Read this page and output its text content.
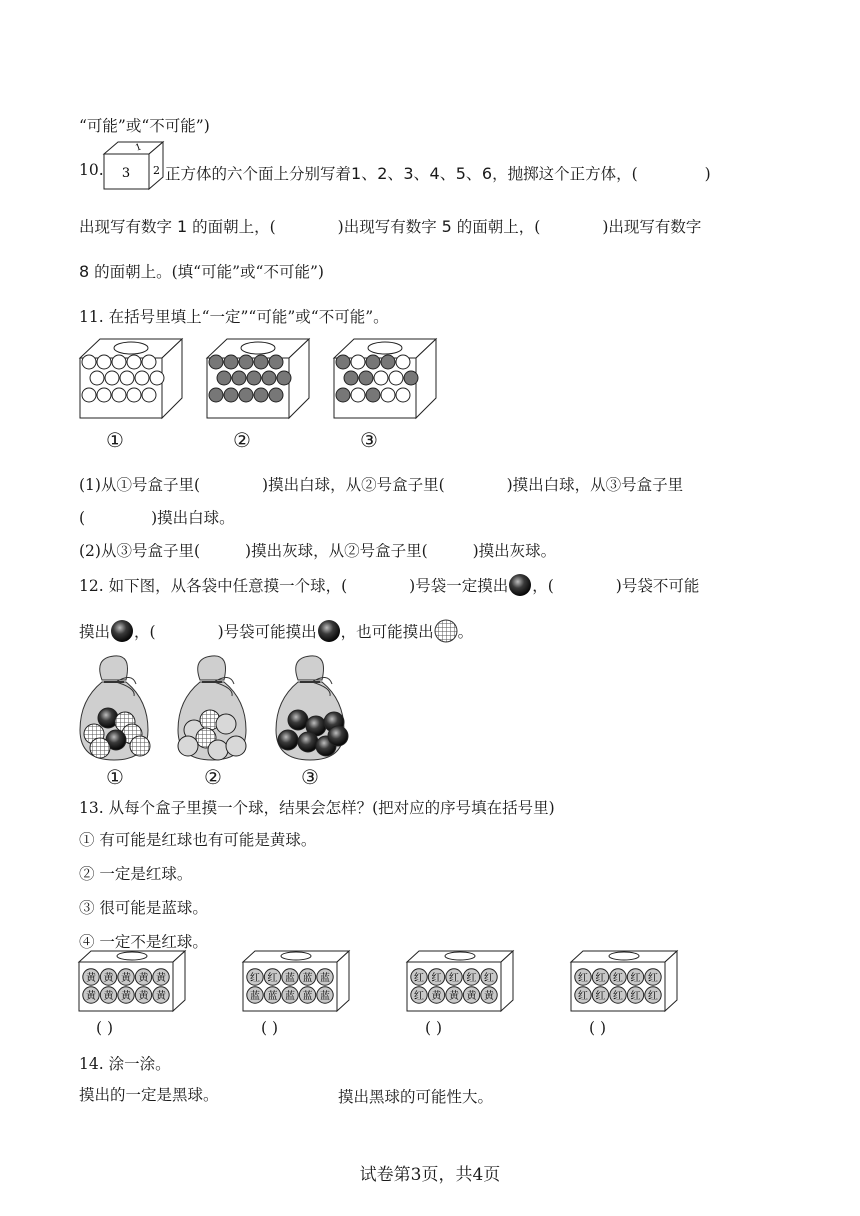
“可能”或“不可能”)
10. 3 2
1
正方体的六个面上分别写着1、2、3、4、5、6，抛掷这个正方体，(	)
出现写有数字 1 的面朝上，(	)出现写有数字 5 的面朝上，(	)出现写有数字
8 的面朝上。(填“可能”或“不可能”)
11. 在括号里填上“一定”“可能”或“不可能”。
①	②	③
(1)从①号盒子里(	)摸出白球，从②号盒子里(	)摸出白球，从③号盒子里
(	)摸出白球。
(2)从③号盒子里(	)摸出灰球，从②号盒子里(	)摸出灰球。
12. 如下图，从各袋中任意摸一个球，(	)号袋一定摸出 ，(	)号袋不可能
摸出 ，(	)号袋可能摸出 ，也可能摸出 。
①	②	③
13. 从每个盒子里摸一个球，结果会怎样？(把对应的序号填在括号里)
① 有可能是红球也有可能是黄球。
② 一定是红球。
③ 很可能是蓝球。
④ 一定不是红球。
黄 黄 黄 黄 黄
黄 黄 黄 黄 黄
红 红 蓝 蓝 蓝
蓝 蓝 蓝 蓝 蓝
红 红 红 红 红
红 黄 黄 黄 黄
红 红 红 红 红
红 红 红 红 红
( )	( )	( )	( )
14. 涂一涂。
摸出的一定是黑球。	摸出黑球的可能性大。
试卷第3页，共4页
